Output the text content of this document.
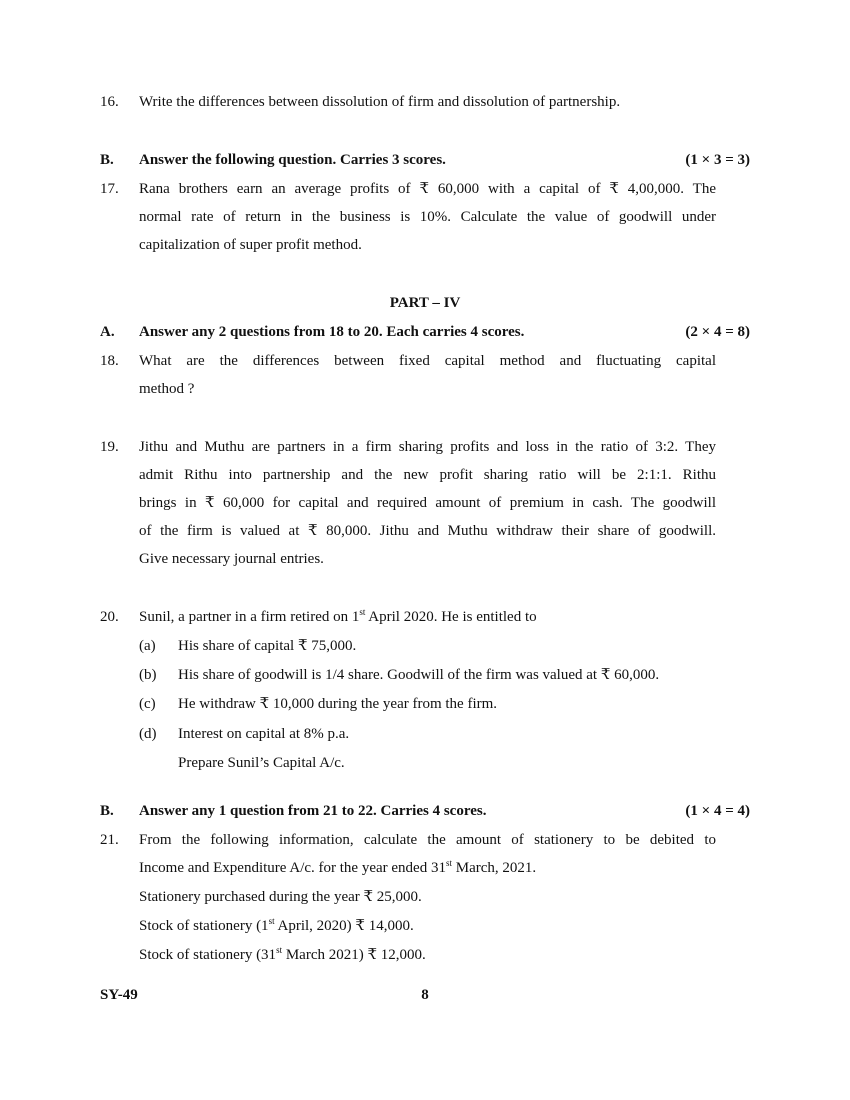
16. Write the differences between dissolution of firm and dissolution of partnership.
B. Answer the following question. Carries 3 scores.	(1 × 3 = 3)
17. Rana brothers earn an average profits of ₹ 60,000 with a capital of ₹ 4,00,000. The
normal rate of return in the business is 10%. Calculate the value of goodwill under
capitalization of super profit method.
PART – IV
A. Answer any 2 questions from 18 to 20. Each carries 4 scores.	(2 × 4 = 8)
18. What are the differences between fixed capital method and fluctuating capital
method ?
19. Jithu and Muthu are partners in a firm sharing profits and loss in the ratio of 3:2. They
admit Rithu into partnership and the new profit sharing ratio will be 2:1:1. Rithu
brings in ₹ 60,000 for capital and required amount of premium in cash. The goodwill
of the firm is valued at ₹ 80,000. Jithu and Muthu withdraw their share of goodwill.
Give necessary journal entries.
20. Sunil, a partner in a firm retired on 1st April 2020. He is entitled to
(a) His share of capital ₹ 75,000.
(b) His share of goodwill is 1/4 share. Goodwill of the firm was valued at ₹ 60,000.
(c) He withdraw ₹ 10,000 during the year from the firm.
(d) Interest on capital at 8% p.a.
Prepare Sunil’s Capital A/c.
B. Answer any 1 question from 21 to 22. Carries 4 scores.	(1 × 4 = 4)
21. From the following information, calculate the amount of stationery to be debited to
Income and Expenditure A/c. for the year ended 31st March, 2021.
Stationery purchased during the year ₹ 25,000.
Stock of stationery (1st April, 2020) ₹ 14,000.
Stock of stationery (31st March 2021) ₹ 12,000.
SY-49	8
